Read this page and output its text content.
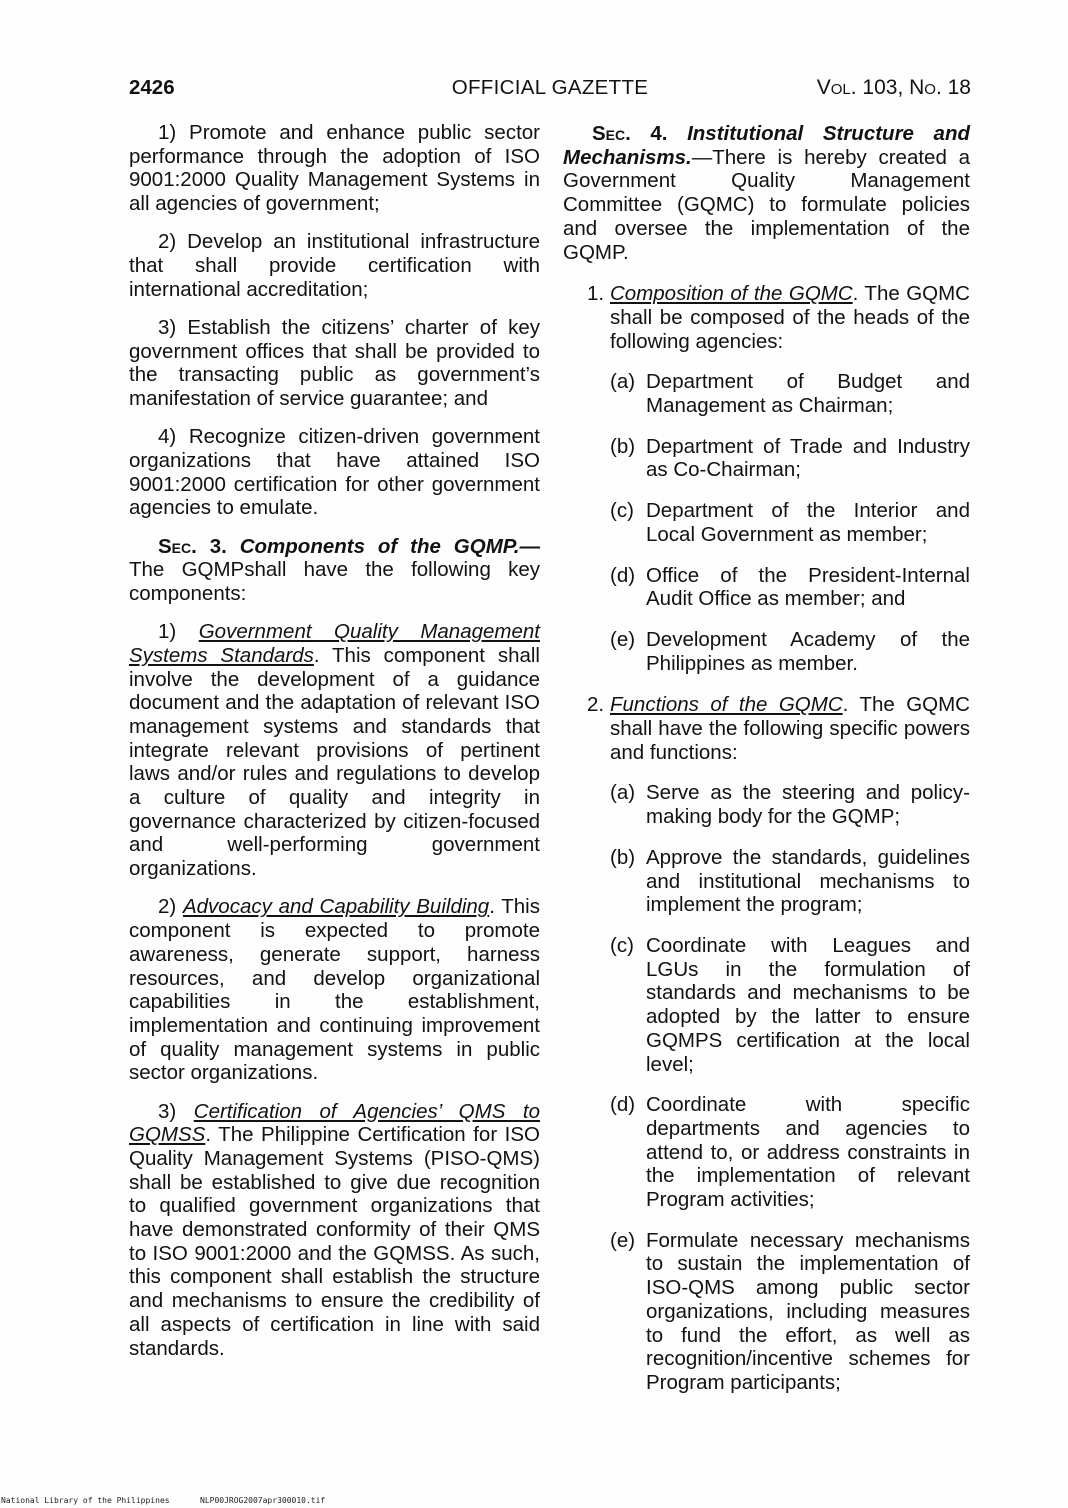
2426	OFFICIAL GAZETTE	Vol. 103, No. 18

1) Promote and enhance public sector performance through the adoption of ISO 9001:2000 Quality Management Systems in all agencies of government;

2) Develop an institutional infrastructure that shall provide certification with international accreditation;

3) Establish the citizens’ charter of key government offices that shall be provided to the transacting public as government’s manifestation of service guarantee; and

4) Recognize citizen-driven government organizations that have attained ISO 9001:2000 certification for other government agencies to emulate.

Sec. 3. Components of the GQMP.— The GQMPshall have the following key components:

1) Government Quality Management Systems Standards. This component shall involve the development of a guidance document and the adaptation of relevant ISO management systems and standards that integrate relevant provisions of pertinent laws and/or rules and regulations to develop a culture of quality and integrity in governance characterized by citizen-focused and well-performing government organizations.

2) Advocacy and Capability Building. This component is expected to promote awareness, generate support, harness resources, and develop organizational capabilities in the establishment, implementation and continuing improvement of quality management systems in public sector organizations.

3) Certification of Agencies’ QMS to GQMSS. The Philippine Certification for ISO Quality Management Systems (PISO-QMS) shall be established to give due recognition to qualified government organizations that have demonstrated conformity of their QMS to ISO 9001:2000 and the GQMSS. As such, this component shall establish the structure and mechanisms to ensure the credibility of all aspects of certification in line with said standards.

Sec. 4. Institutional Structure and Mechanisms.—There is hereby created a Government Quality Management Committee (GQMC) to formulate policies and oversee the implementation of the GQMP.

1. Composition of the GQMC. The GQMC shall be composed of the heads of the following agencies:
(a) Department of Budget and Management as Chairman;
(b) Department of Trade and Industry as Co-Chairman;
(c) Department of the Interior and Local Government as member;
(d) Office of the President-Internal Audit Office as member; and
(e) Development Academy of the Philippines as member.
2. Functions of the GQMC. The GQMC shall have the following specific powers and functions:
(a) Serve as the steering and policy-making body for the GQMP;
(b) Approve the standards, guidelines and institutional mechanisms to implement the program;
(c) Coordinate with Leagues and LGUs in the formulation of standards and mechanisms to be adopted by the latter to ensure GQMPS certification at the local level;
(d) Coordinate with specific departments and agencies to attend to, or address constraints in the implementation of relevant Program activities;
(e) Formulate necessary mechanisms to sustain the implementation of ISO-QMS among public sector organizations, including measures to fund the effort, as well as recognition/incentive schemes for Program participants;
National Library of the Philippines	NLP00JROG2007apr300010.tif
